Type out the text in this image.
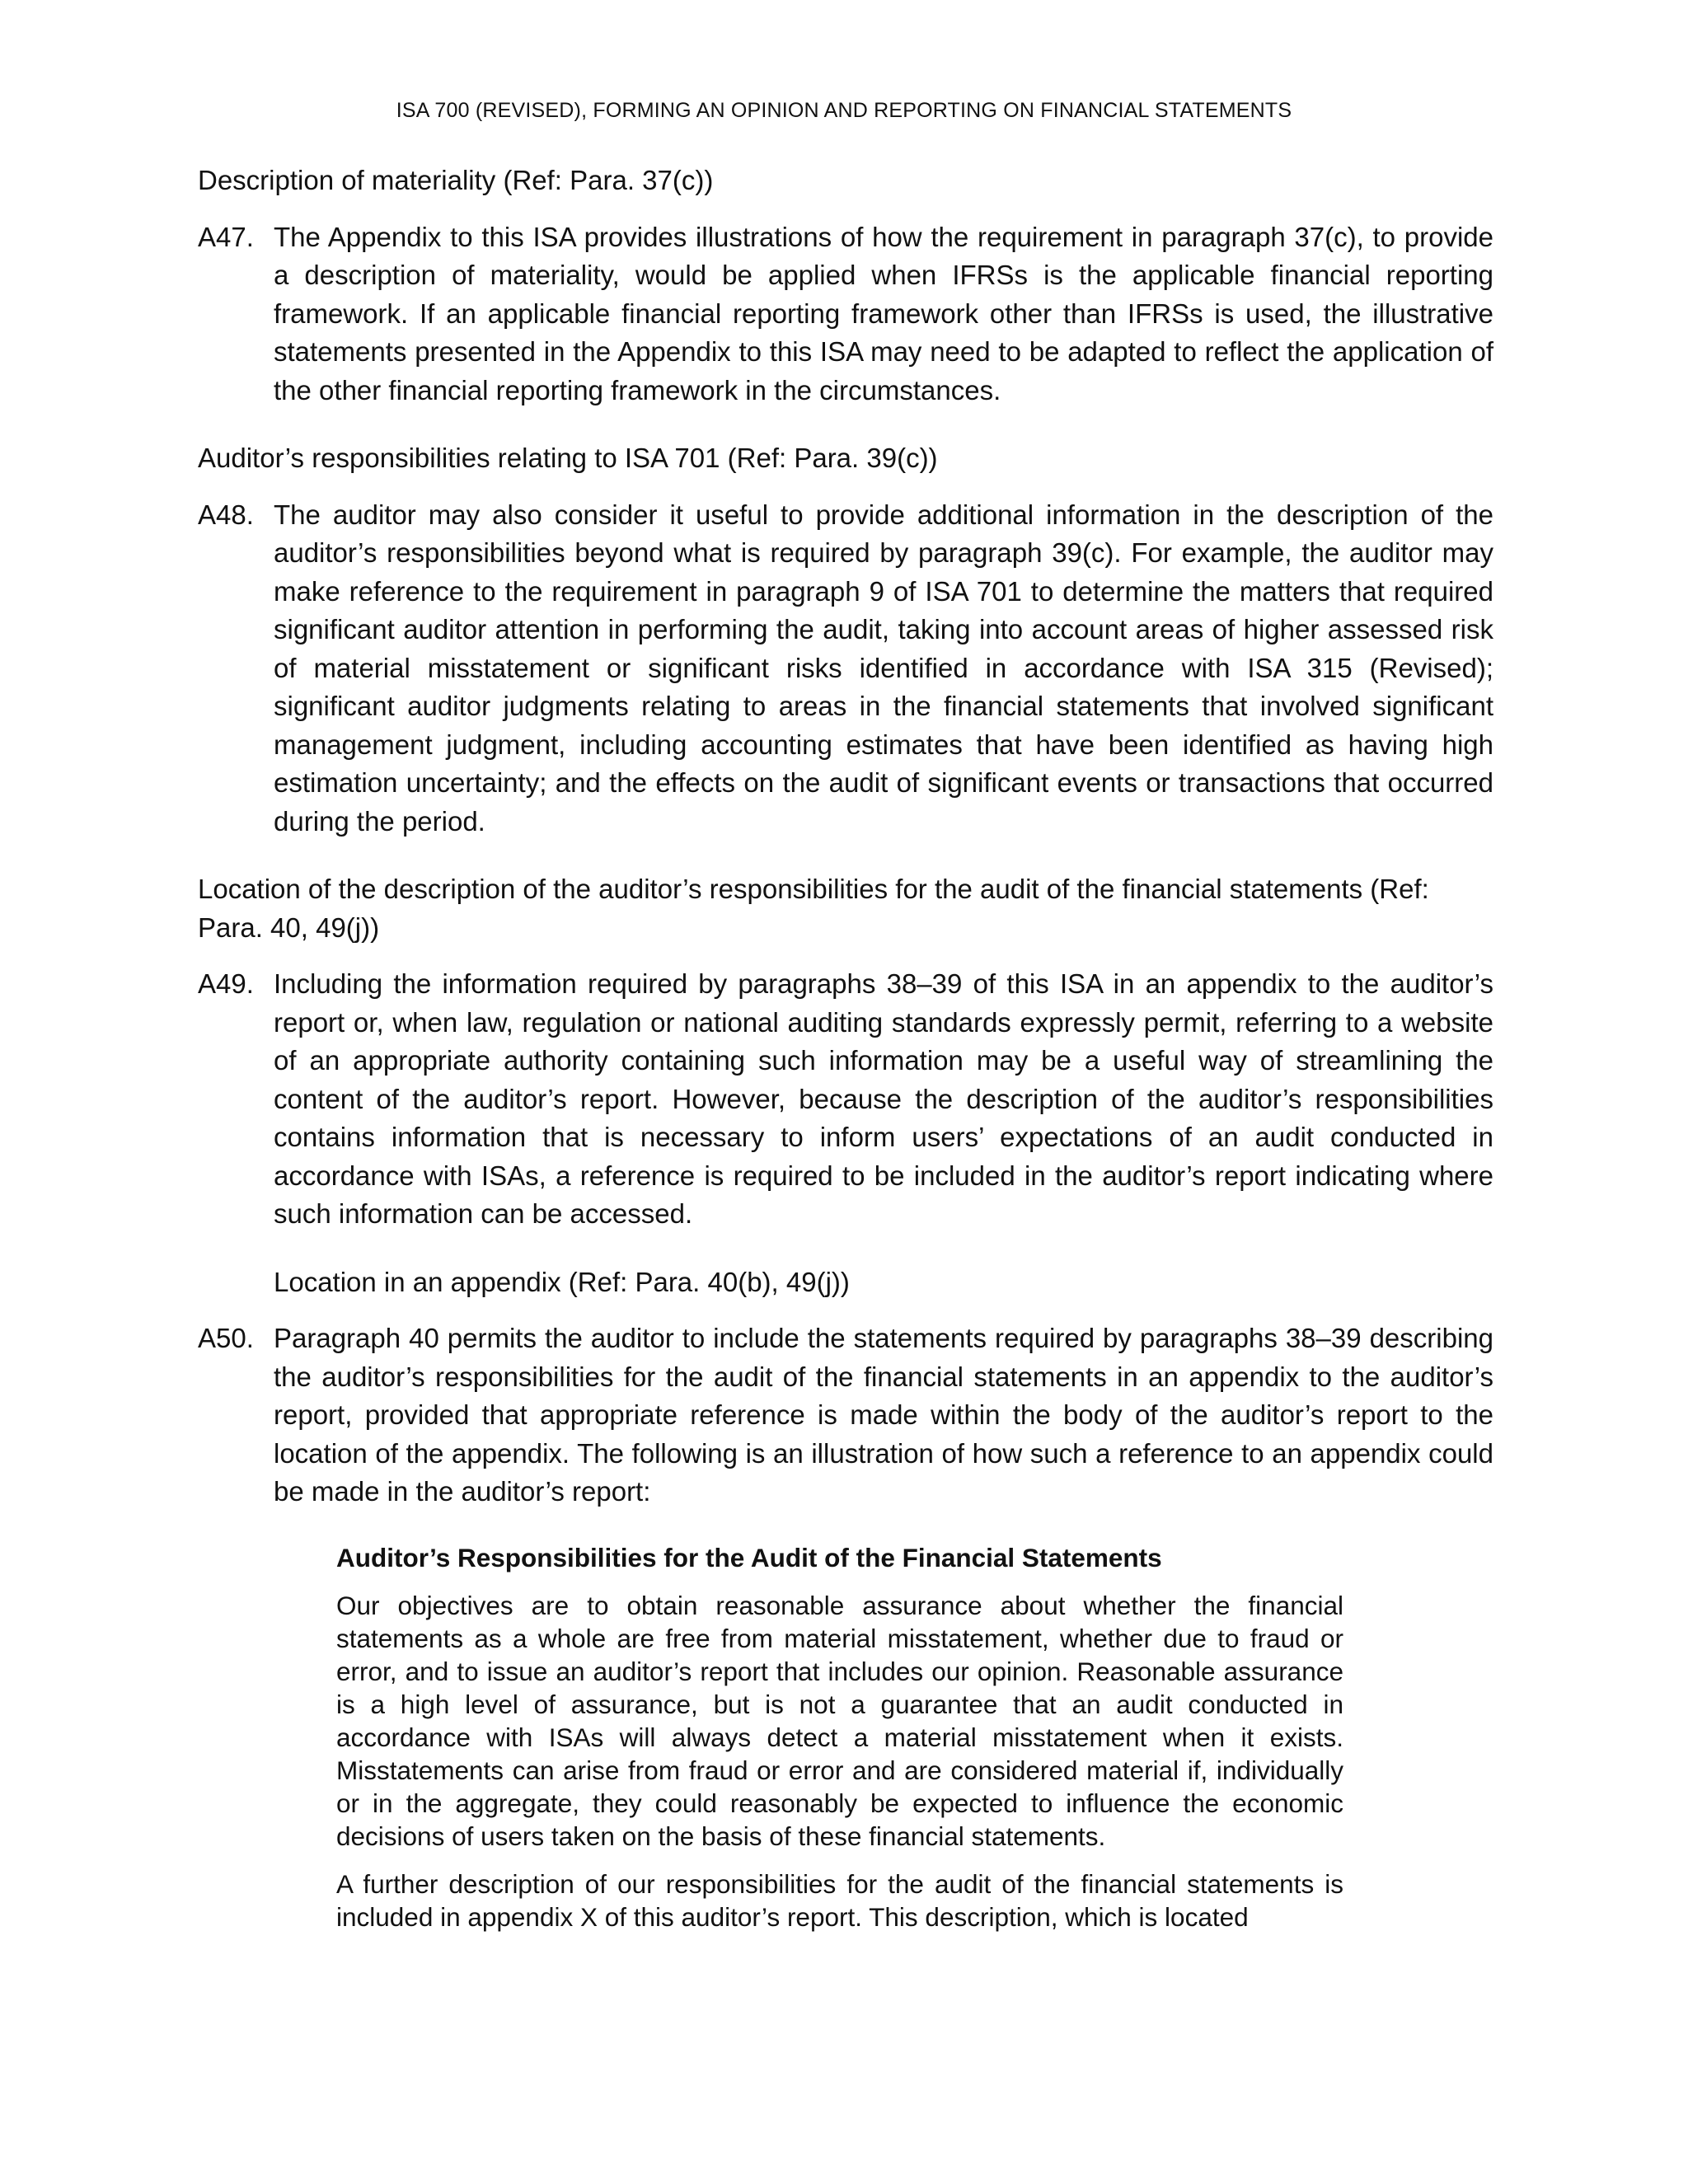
ISA 700 (REVISED), FORMING AN OPINION AND REPORTING ON FINANCIAL STATEMENTS
Description of materiality (Ref: Para. 37(c))
A47. The Appendix to this ISA provides illustrations of how the requirement in paragraph 37(c), to provide a description of materiality, would be applied when IFRSs is the applicable financial reporting framework. If an applicable financial reporting framework other than IFRSs is used, the illustrative statements presented in the Appendix to this ISA may need to be adapted to reflect the application of the other financial reporting framework in the circumstances.
Auditor’s responsibilities relating to ISA 701 (Ref: Para. 39(c))
A48. The auditor may also consider it useful to provide additional information in the description of the auditor’s responsibilities beyond what is required by paragraph 39(c). For example, the auditor may make reference to the requirement in paragraph 9 of ISA 701 to determine the matters that required significant auditor attention in performing the audit, taking into account areas of higher assessed risk of material misstatement or significant risks identified in accordance with ISA 315 (Revised); significant auditor judgments relating to areas in the financial statements that involved significant management judgment, including accounting estimates that have been identified as having high estimation uncertainty; and the effects on the audit of significant events or transactions that occurred during the period.
Location of the description of the auditor’s responsibilities for the audit of the financial statements (Ref: Para. 40, 49(j))
A49. Including the information required by paragraphs 38–39 of this ISA in an appendix to the auditor’s report or, when law, regulation or national auditing standards expressly permit, referring to a website of an appropriate authority containing such information may be a useful way of streamlining the content of the auditor’s report. However, because the description of the auditor’s responsibilities contains information that is necessary to inform users’ expectations of an audit conducted in accordance with ISAs, a reference is required to be included in the auditor’s report indicating where such information can be accessed.
Location in an appendix (Ref: Para. 40(b), 49(j))
A50. Paragraph 40 permits the auditor to include the statements required by paragraphs 38–39 describing the auditor’s responsibilities for the audit of the financial statements in an appendix to the auditor’s report, provided that appropriate reference is made within the body of the auditor’s report to the location of the appendix. The following is an illustration of how such a reference to an appendix could be made in the auditor’s report:
Auditor’s Responsibilities for the Audit of the Financial Statements

Our objectives are to obtain reasonable assurance about whether the financial statements as a whole are free from material misstatement, whether due to fraud or error, and to issue an auditor’s report that includes our opinion. Reasonable assurance is a high level of assurance, but is not a guarantee that an audit conducted in accordance with ISAs will always detect a material misstatement when it exists. Misstatements can arise from fraud or error and are considered material if, individually or in the aggregate, they could reasonably be expected to influence the economic decisions of users taken on the basis of these financial statements.

A further description of our responsibilities for the audit of the financial statements is included in appendix X of this auditor’s report. This description, which is located
